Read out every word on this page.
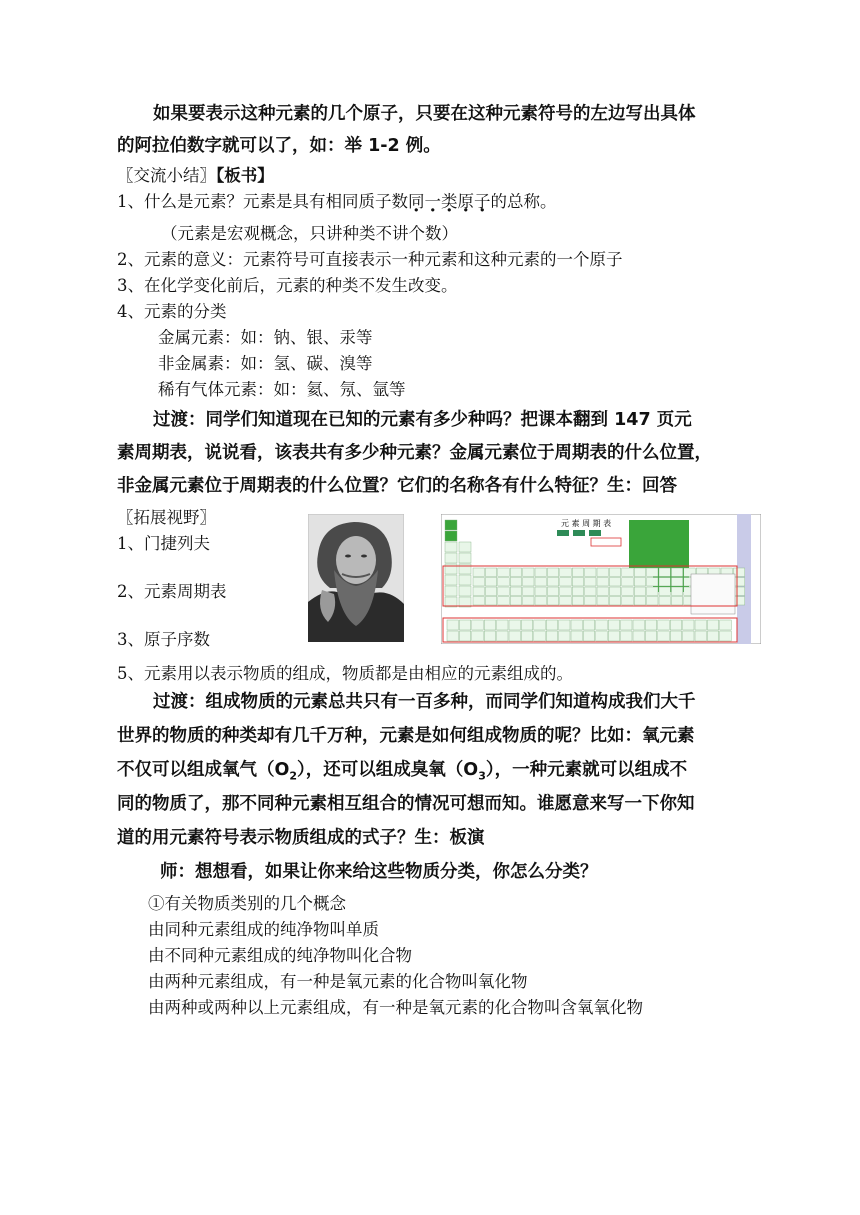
如果要表示这种元素的几个原子，只要在这种元素符号的左边写出具体
的阿拉伯数字就可以了，如：举 1-2 例。
〖交流小结〗【板书】
1、什么是元素？元素是具有相同质子数同一类原子的总称。
（元素是宏观概念，只讲种类不讲个数）
2、元素的意义：元素符号可直接表示一种元素和这种元素的一个原子
3、在化学变化前后，元素的种类不发生改变。
4、元素的分类
金属元素：如：钠、银、汞等
非金属素：如：氢、碳、溴等
稀有气体元素：如：氦、氖、氩等
过渡：同学们知道现在已知的元素有多少种吗？把课本翻到 147 页元
素周期表，说说看，该表共有多少种元素？金属元素位于周期表的什么位置，
非金属元素位于周期表的什么位置？它们的名称各有什么特征？生：回答
〖拓展视野〗
1、门捷列夫
2、元素周期表
3、原子序数
元 素 周 期 表
5、元素用以表示物质的组成，物质都是由相应的元素组成的。
过渡：组成物质的元素总共只有一百多种，而同学们知道构成我们大千
世界的物质的种类却有几千万种，元素是如何组成物质的呢？比如：氧元素
不仅可以组成氧气$(O_2)$，还可以组成臭氧$(O_3)$，一种元素就可以组成不
同的物质了，那不同种元素相互组合的情况可想而知。谁愿意来写一下你知
道的用元素符号表示物质组成的式子？生：板演
师：想想看，如果让你来给这些物质分类，你怎么分类？
①有关物质类别的几个概念
由同种元素组成的纯净物叫单质
由不同种元素组成的纯净物叫化合物
由两种元素组成，有一种是氧元素的化合物叫氧化物
由两种或两种以上元素组成，有一种是氧元素的化合物叫含氧氧化物
